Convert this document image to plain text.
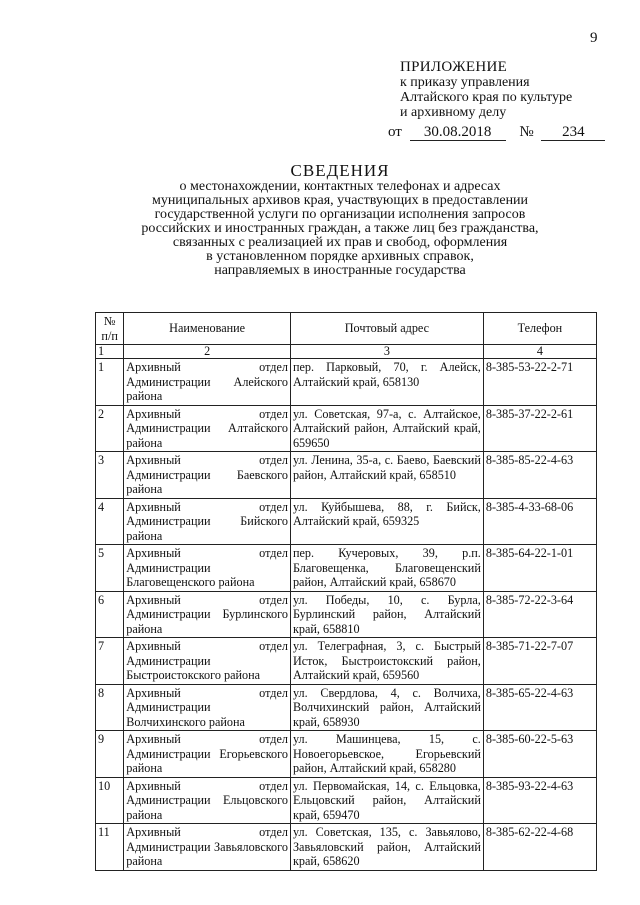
9
ПРИЛОЖЕНИЕ
к приказу управления
Алтайского края по культуре
и архивному делу
от 30.08.2018 № 234
СВЕДЕНИЯ

о местонахождении, контактных телефонах и адресах

муниципальных архивов края, участвующих в предоставлении

государственной услуги по организации исполнения запросов

российских и иностранных граждан, а также лиц без гражданства,

связанных с реализацией их прав и свобод, оформления

в установленном порядке архивных справок,

направляемых в иностранные государства

№ п/п	Наименование	Почтовый адрес	Телефон
1	2	3	4
1	Архивный отдел Администрации Алейского района	пер. Парковый, 70, г. Алейск, Алтайский край, 658130	8-385-53-22-2-71
2	Архивный отдел Администрации Алтайского района	ул. Советская, 97-а, с. Алтайское, Алтайский район, Алтайский край, 659650	8-385-37-22-2-61
3	Архивный отдел Администрации Баевского района	ул. Ленина, 35-а, с. Баево, Баевский район, Алтайский край, 658510	8-385-85-22-4-63
4	Архивный отдел Администрации Бийского района	ул. Куйбышева, 88, г. Бийск, Алтайский край, 659325	8-385-4-33-68-06
5	Архивный отдел Администрации Благовещенского района	пер. Кучеровых, 39, р.п. Благовещенка, Благовещенский район, Алтайский край, 658670	8-385-64-22-1-01
6	Архивный отдел Администрации Бурлинского района	ул. Победы, 10, с. Бурла, Бурлинский район, Алтайский край, 658810	8-385-72-22-3-64
7	Архивный отдел Администрации Быстроистокского района	ул. Телеграфная, 3, с. Быстрый Исток, Быстроистокский район, Алтайский край, 659560	8-385-71-22-7-07
8	Архивный отдел Администрации Волчихинского района	ул. Свердлова, 4, с. Волчиха, Волчихинский район, Алтайский край, 658930	8-385-65-22-4-63
9	Архивный отдел Администрации Егорьевского района	ул. Машинцева, 15, с. Новоегорьевское, Егорьевский район, Алтайский край, 658280	8-385-60-22-5-63
10	Архивный отдел Администрации Ельцовского района	ул. Первомайская, 14, с. Ельцовка, Ельцовский район, Алтайский край, 659470	8-385-93-22-4-63
11	Архивный отдел Администрации Завьяловского района	ул. Советская, 135, с. Завьялово, Завьяловский район, Алтайский край, 658620	8-385-62-22-4-68
